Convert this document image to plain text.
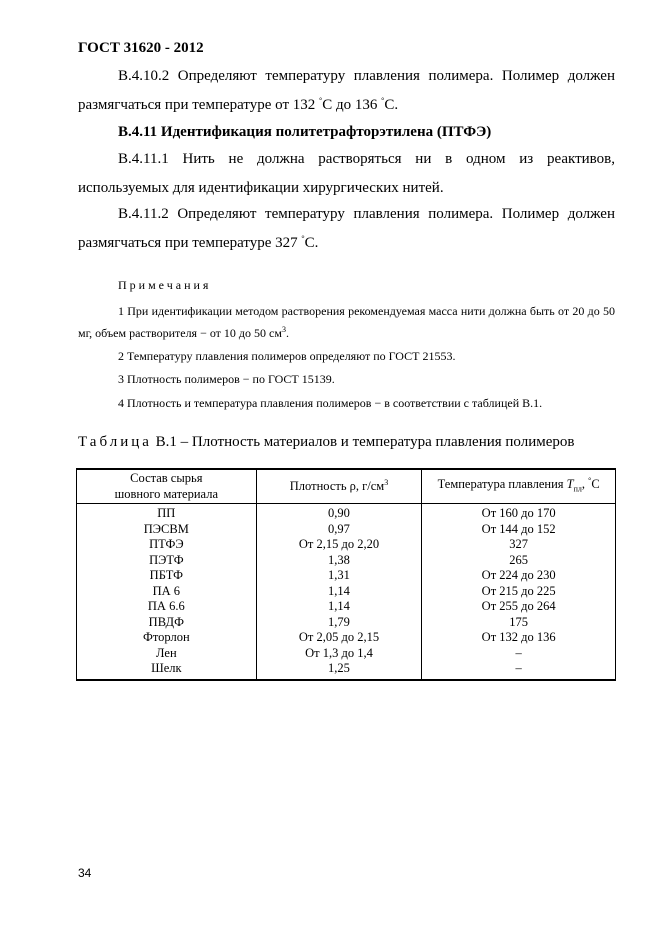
ГОСТ 31620 - 2012
В.4.10.2 Определяют температуру плавления полимера. Полимер должен размягчаться при температуре от 132 °С до 136 °С.
В.4.11 Идентификация политетрафторэтилена (ПТФЭ)
В.4.11.1 Нить не должна растворяться ни в одном из реактивов, используемых для идентификации хирургических нитей.
В.4.11.2 Определяют температуру плавления полимера. Полимер должен размягчаться при температуре 327 °С.
Примечания
1 При идентификации методом растворения рекомендуемая масса нити должна быть от 20 до 50 мг, объем растворителя − от 10 до 50 $см^3$.
2 Температуру плавления полимеров определяют по ГОСТ 21553.
3 Плотность полимеров − по ГОСТ 15139.
4 Плотность и температура плавления полимеров − в соответствии с таблицей В.1.
Таблица В.1 – Плотность материалов и температура плавления полимеров
Состав сырья
шовного материала	Плотность ρ, $г/см^3$	Температура плавления $T_{пл}$, °С
ПП	0,90	От 160 до 170
ПЭСВМ	0,97	От 144 до 152
ПТФЭ	От 2,15 до 2,20	327
ПЭТФ	1,38	265
ПБТФ	1,31	От 224 до 230
ПА 6	1,14	От 215 до 225
ПА 6.6	1,14	От 255 до 264
ПВДФ	1,79	175
Фторлон	От 2,05 до 2,15	От 132 до 136
Лен	От 1,3 до 1,4	–
Шелк	1,25	–
34
